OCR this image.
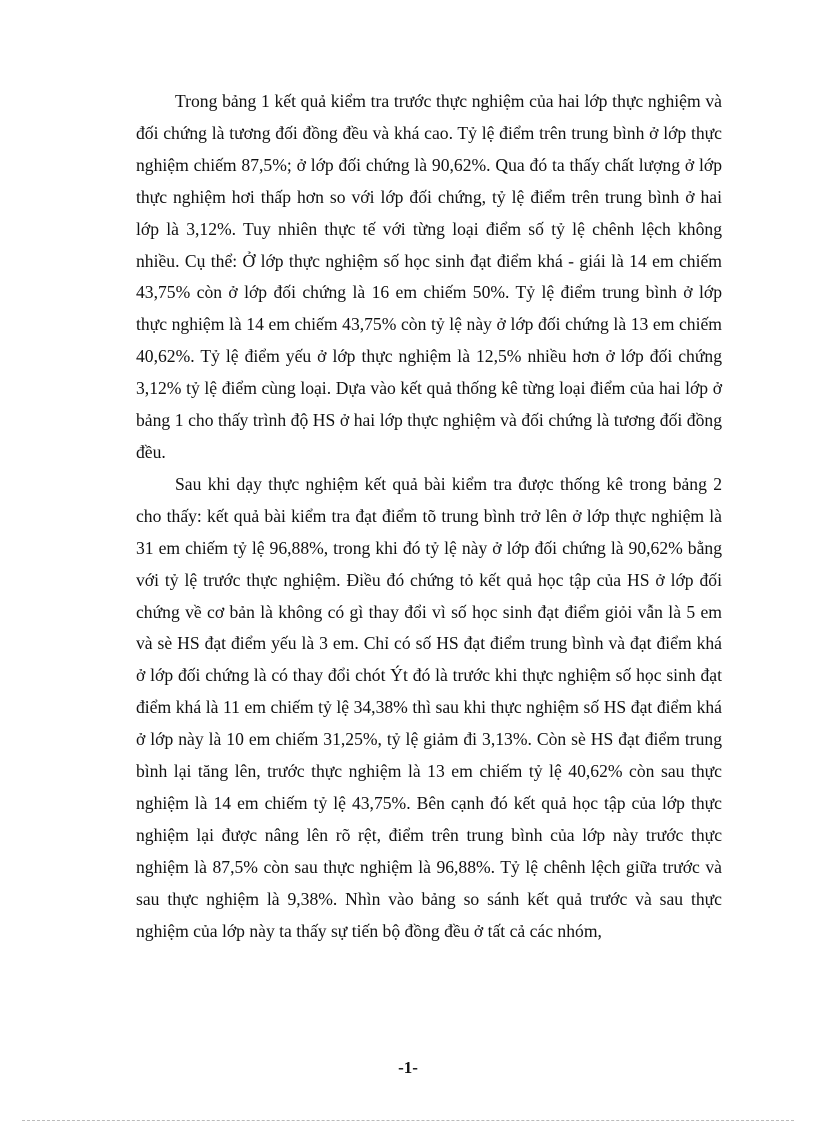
Trong bảng 1 kết quả kiểm tra trước thực nghiệm của hai lớp thực nghiệm và đối chứng là tương đối đồng đều và khá cao. Tỷ lệ điểm trên trung bình ở lớp thực nghiệm chiếm 87,5%; ở lớp đối chứng là 90,62%. Qua đó ta thấy chất lượng ở lớp thực nghiệm hơi thấp hơn so với lớp đối chứng, tỷ lệ điểm trên trung bình ở hai lớp là 3,12%. Tuy nhiên thực tế với từng loại điểm số tỷ lệ chênh lệch không nhiều. Cụ thể: Ở lớp thực nghiệm số học sinh đạt điểm khá - giái là 14 em chiếm 43,75% còn ở lớp đối chứng là 16 em chiếm 50%. Tỷ lệ điểm trung bình ở lớp thực nghiệm là 14 em chiếm 43,75% còn tỷ lệ này ở lớp đối chứng là 13 em chiếm 40,62%. Tỷ lệ điểm yếu ở lớp thực nghiệm là 12,5% nhiều hơn ở lớp đối chứng 3,12% tỷ lệ điểm cùng loại. Dựa vào kết quả thống kê từng loại điểm của hai lớp ở bảng 1 cho thấy trình độ HS ở hai lớp thực nghiệm và đối chứng là tương đối đồng đều.

Sau khi dạy thực nghiệm kết quả bài kiểm tra được thống kê trong bảng 2 cho thấy: kết quả bài kiểm tra đạt điểm tõ trung bình trở lên ở lớp thực nghiệm là 31 em chiếm tỷ lệ 96,88%, trong khi đó tỷ lệ này ở lớp đối chứng là 90,62% bằng với tỷ lệ trước thực nghiệm. Điều đó chứng tỏ kết quả học tập của HS ở lớp đối chứng về cơ bản là không có gì thay đổi vì số học sinh đạt điểm giỏi vẫn là 5 em và sè HS đạt điểm yếu là 3 em. Chỉ có số HS đạt điểm trung bình và đạt điểm khá ở lớp đối chứng là có thay đổi chót Ýt đó là trước khi thực nghiệm số học sinh đạt điểm khá là 11 em chiếm tỷ lệ 34,38% thì sau khi thực nghiệm số HS đạt điểm khá ở lớp này là 10 em chiếm 31,25%, tỷ lệ giảm đi 3,13%. Còn sè HS đạt điểm trung bình lại tăng lên, trước thực nghiệm là 13 em chiếm tỷ lệ 40,62% còn sau thực nghiệm là 14 em chiếm tỷ lệ 43,75%. Bên cạnh đó kết quả học tập của lớp thực nghiệm lại được nâng lên rõ rệt, điểm trên trung bình của lớp này trước thực nghiệm là 87,5% còn sau thực nghiệm là 96,88%. Tỷ lệ chênh lệch giữa trước và sau thực nghiệm là 9,38%. Nhìn vào bảng so sánh kết quả trước và sau thực nghiệm của lớp này ta thấy sự tiến bộ đồng đều ở tất cả các nhóm,

-1-
